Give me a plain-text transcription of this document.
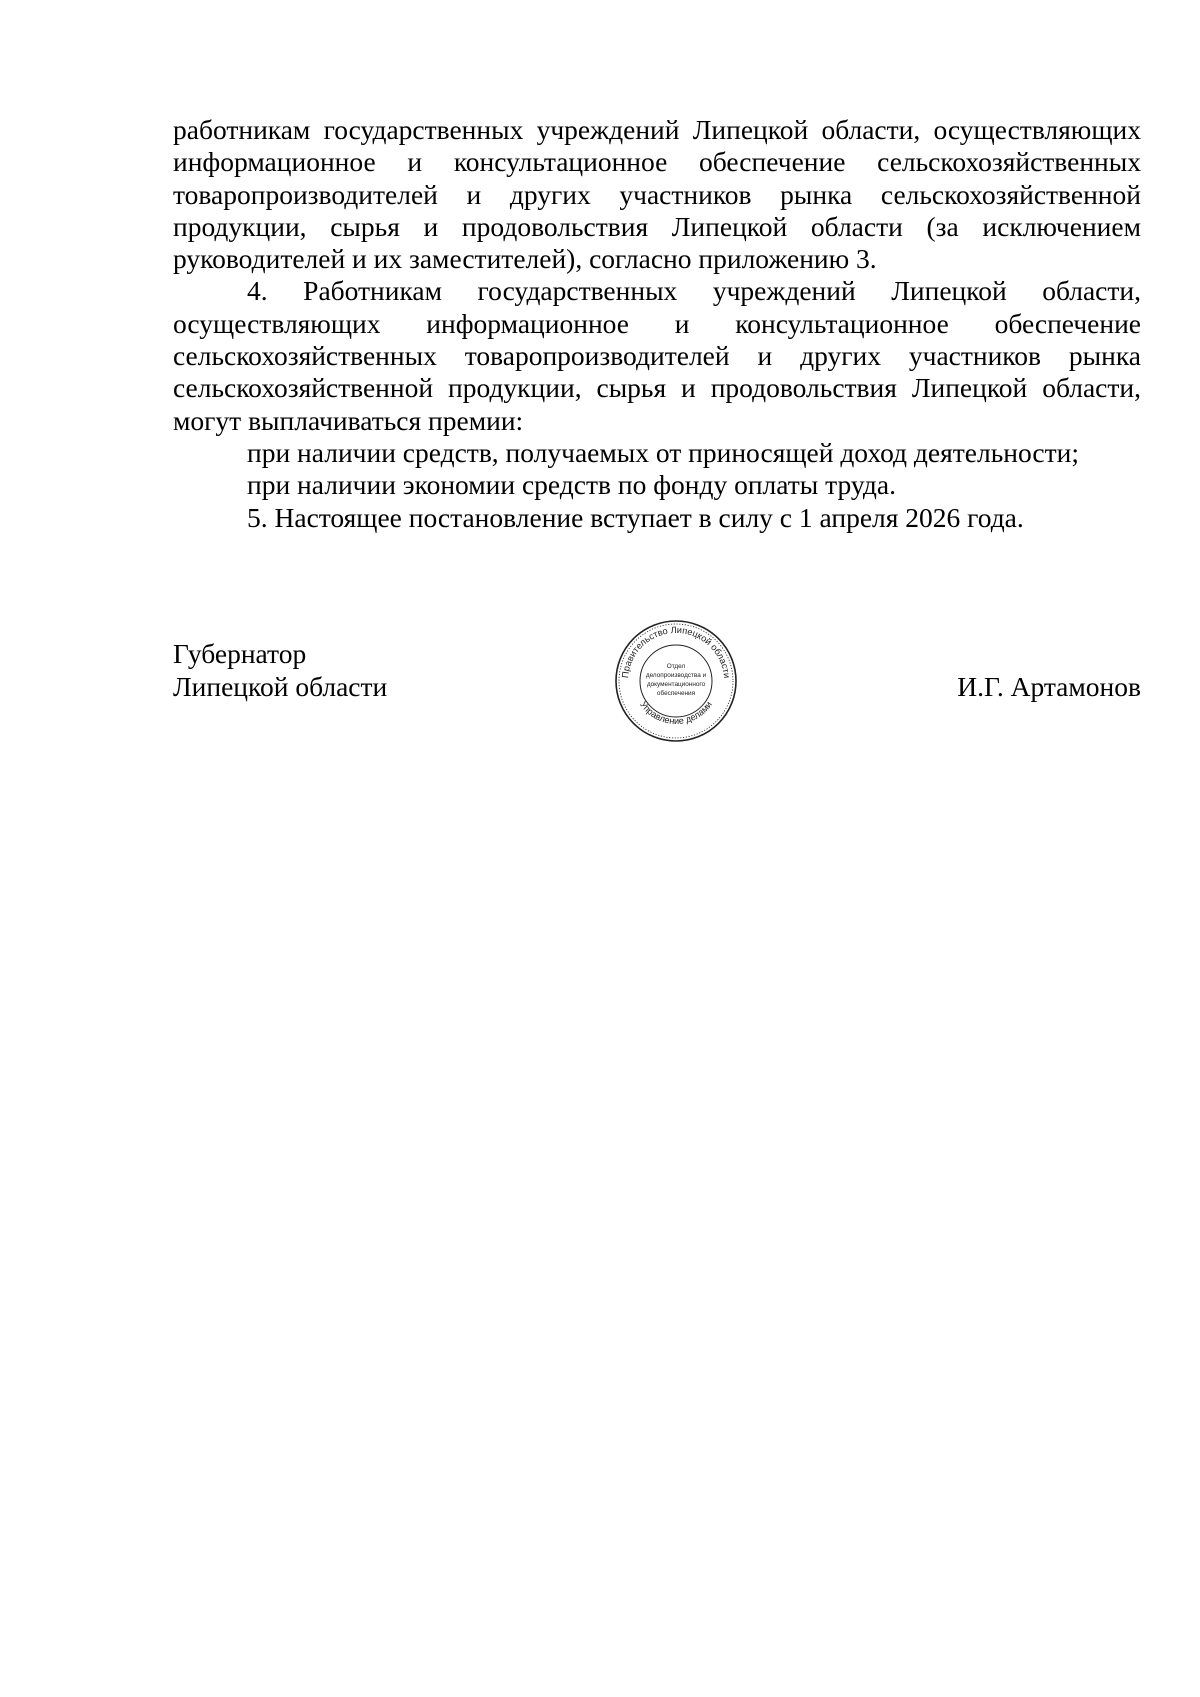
работникам государственных учреждений Липецкой области, осуществляющих информационное и консультационное обеспечение сельскохозяйственных товаропроизводителей и других участников рынка сельскохозяйственной продукции, сырья и продовольствия Липецкой области (за исключением руководителей и их заместителей), согласно приложению 3.

4. Работникам государственных учреждений Липецкой области, осуществляющих информационное и консультационное обеспечение сельскохозяйственных товаропроизводителей и других участников рынка сельскохозяйственной продукции, сырья и продовольствия Липецкой области, могут выплачиваться премии:

при наличии средств, получаемых от приносящей доход деятельности;

при наличии экономии средств по фонду оплаты труда.

5. Настоящее постановление вступает в силу с 1 апреля 2026 года.

Губернатор
Липецкой области	И.Г. Артамонов
Правительство Липецкой области
Управление делами
Отдел
делопроизводства и
документационного
обеспечения
